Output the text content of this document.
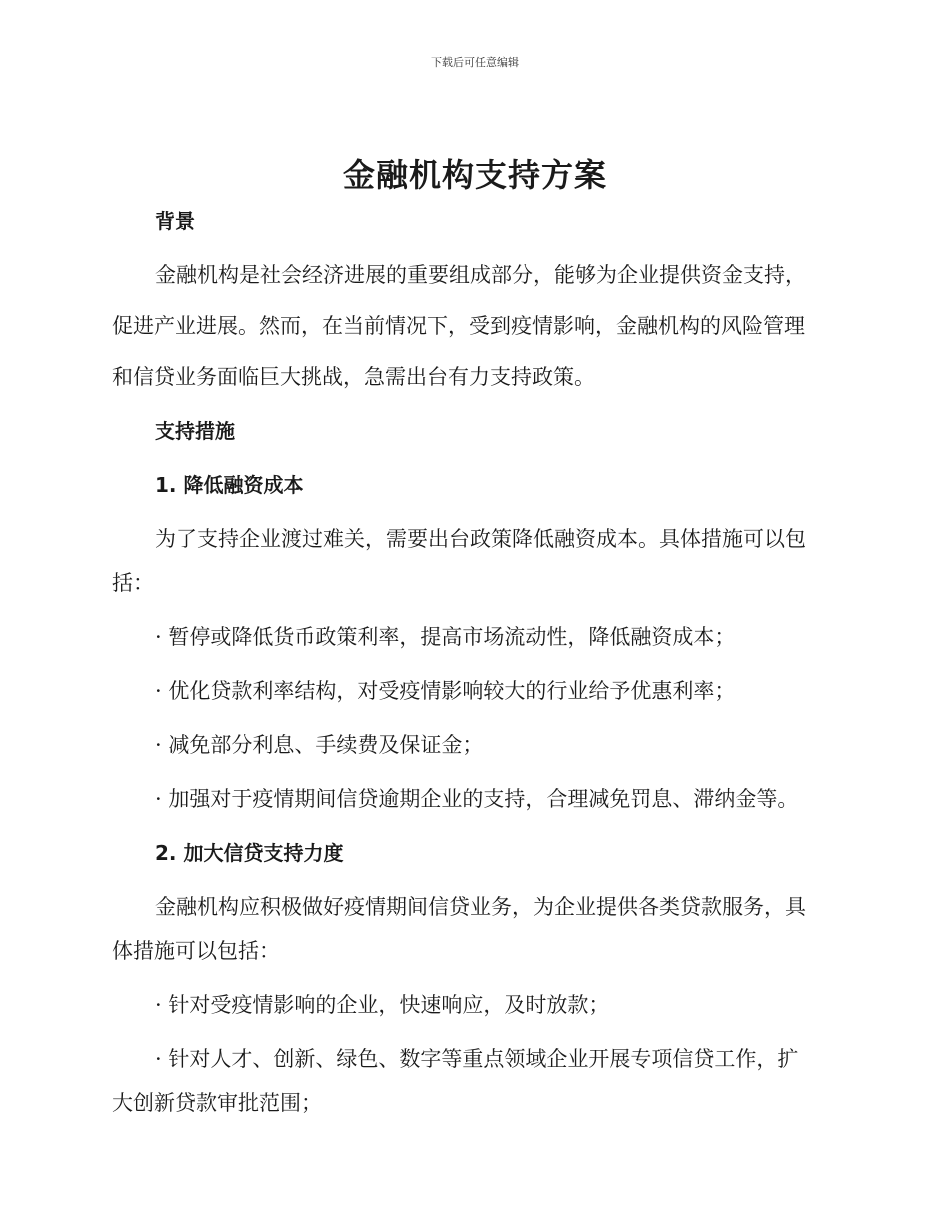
下载后可任意编辑
金融机构支持方案
背景
金融机构是社会经济进展的重要组成部分，能够为企业提供资金支持，
促进产业进展。然而，在当前情况下，受到疫情影响，金融机构的风险管理
和信贷业务面临巨大挑战，急需出台有力支持政策。
支持措施
1. 降低融资成本
为了支持企业渡过难关，需要出台政策降低融资成本。具体措施可以包
括：
· 暂停或降低货币政策利率，提高市场流动性，降低融资成本；
· 优化贷款利率结构，对受疫情影响较大的行业给予优惠利率；
· 减免部分利息、手续费及保证金；
· 加强对于疫情期间信贷逾期企业的支持，合理减免罚息、滞纳金等。
2. 加大信贷支持力度
金融机构应积极做好疫情期间信贷业务，为企业提供各类贷款服务，具
体措施可以包括：
· 针对受疫情影响的企业，快速响应，及时放款；
· 针对人才、创新、绿色、数字等重点领域企业开展专项信贷工作，扩
大创新贷款审批范围；
